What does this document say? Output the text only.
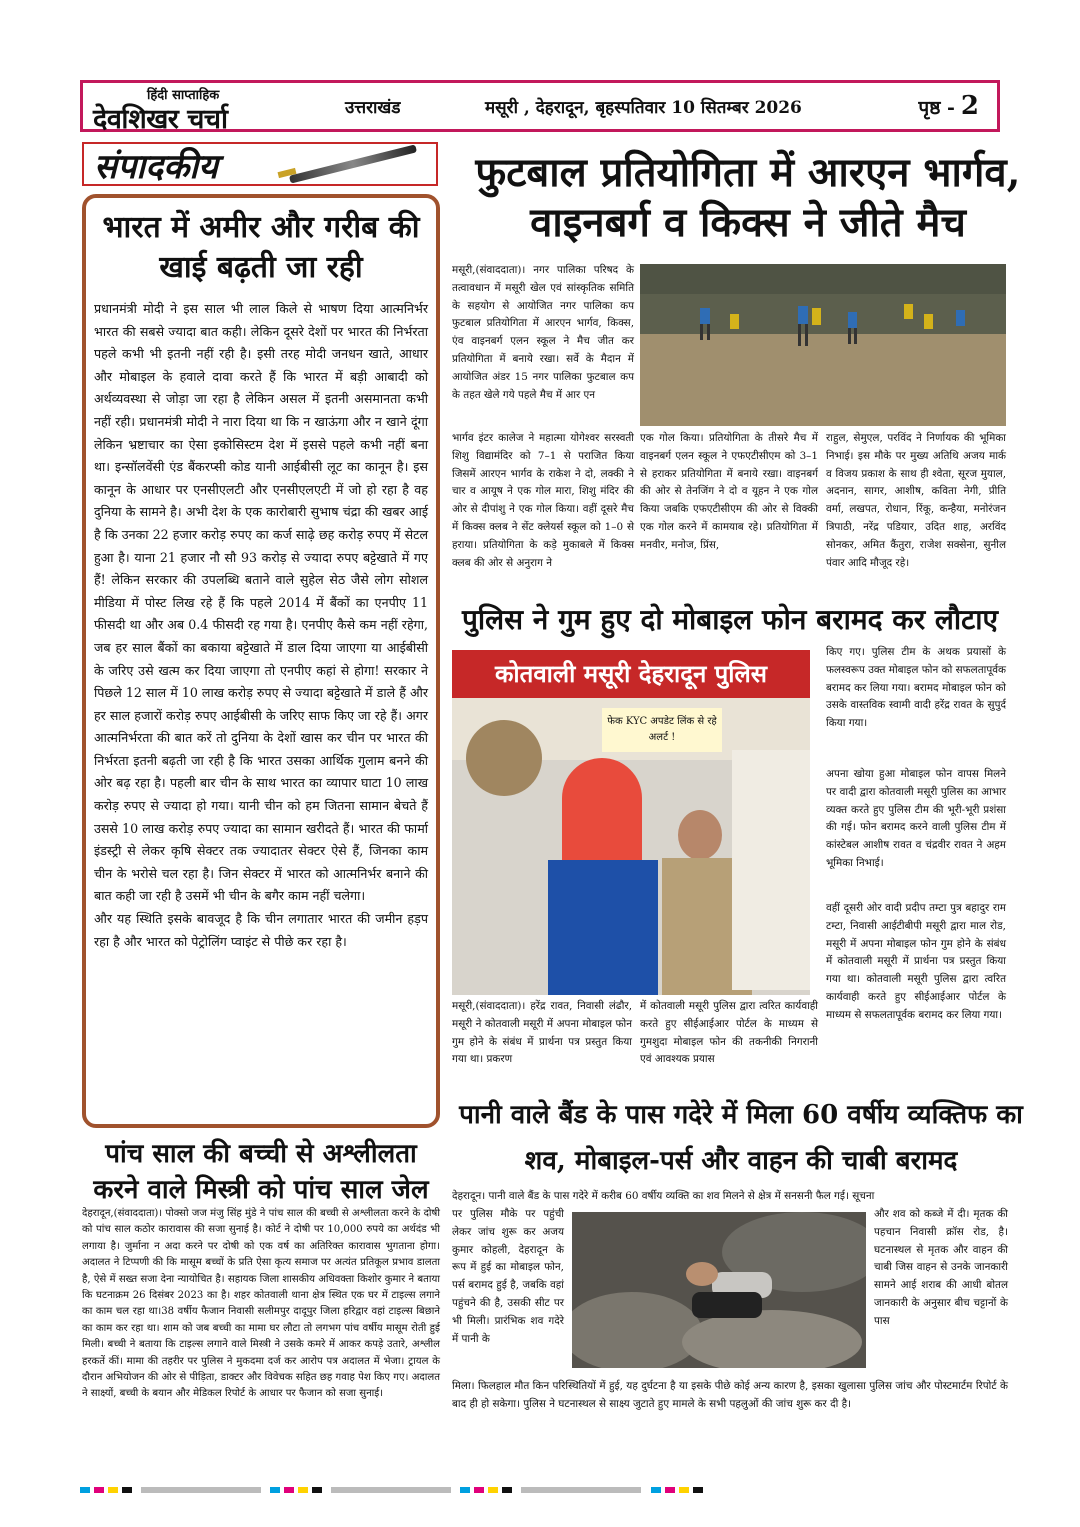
हिंदी साप्ताहिक
देवशिखर चर्चा	उत्तराखंड	मसूरी , देहरादून, बृहस्पतिवार 10 सितम्बर 2026	पृष्ठ - 2
संपादकीय
भारत में अमीर और गरीब की खाई बढ़ती जा रही

प्रधानमंत्री मोदी ने इस साल भी लाल किले से भाषण दिया आत्मनिर्भर भारत की सबसे ज्यादा बात कही। लेकिन दूसरे देशों पर भारत की निर्भरता पहले कभी भी इतनी नहीं रही है। इसी तरह मोदी जनधन खाते, आधार और मोबाइल के हवाले दावा करते हैं कि भारत में बड़ी आबादी को अर्थव्यवस्था से जोड़ा जा रहा है लेकिन असल में इतनी असमानता कभी नहीं रही। प्रधानमंत्री मोदी ने नारा दिया था कि न खाऊंगा और न खाने दूंगा लेकिन भ्रष्टाचार का ऐसा इकोसिस्टम देश में इससे पहले कभी नहीं बना था। इन्सॉलवेंसी एंड बैंकरप्सी कोड यानी आईबीसी लूट का कानून है। इस कानून के आधार पर एनसीएलटी और एनसीएलएटी में जो हो रहा है वह दुनिया के सामने है। अभी देश के एक कारोबारी सुभाष चंद्रा की खबर आई है कि उनका 22 हजार करोड़ रुपए का कर्ज साढ़े छह करोड़ रुपए में सेटल हुआ है। याना 21 हजार नौ सौ 93 करोड़ से ज्यादा रुपए बट्टेखाते में गए हैं! लेकिन सरकार की उपलब्धि बताने वाले सुहेल सेठ जैसे लोग सोशल मीडिया में पोस्ट लिख रहे हैं कि पहले 2014 में बैंकों का एनपीए 11 फीसदी था और अब 0.4 फीसदी रह गया है। एनपीए कैसे कम नहीं रहेगा, जब हर साल बैंकों का बकाया बट्टेखाते में डाल दिया जाएगा या आईबीसी के जरिए उसे खत्म कर दिया जाएगा तो एनपीए कहां से होगा! सरकार ने पिछले 12 साल में 10 लाख करोड़ रुपए से ज्यादा बट्टेखाते में डाले हैं और हर साल हजारों करोड़ रुपए आईबीसी के जरिए साफ किए जा रहे हैं। अगर आत्मनिर्भरता की बात करें तो दुनिया के देशों खास कर चीन पर भारत की निर्भरता इतनी बढ़ती जा रही है कि भारत उसका आर्थिक गुलाम बनने की ओर बढ़ रहा है। पहली बार चीन के साथ भारत का व्यापार घाटा 10 लाख करोड़ रुपए से ज्यादा हो गया। यानी चीन को हम जितना सामान बेचते हैं उससे 10 लाख करोड़ रुपए ज्यादा का सामान खरीदते हैं। भारत की फार्मा इंडस्ट्री से लेकर कृषि सेक्टर तक ज्यादातर सेक्टर ऐसे हैं, जिनका काम चीन के भरोसे चल रहा है। जिन सेक्टर में भारत को आत्मनिर्भर बनाने की बात कही जा रही है उसमें भी चीन के बगैर काम नहीं चलेगा।

और यह स्थिति इसके बावजूद है कि चीन लगातार भारत की जमीन हड़प रहा है और भारत को पेट्रोलिंग प्वाइंट से पीछे कर रहा है।

फुटबाल प्रतियोगिता में आरएन भार्गव, वाइनबर्ग व किक्स ने जीते मैच
मसूरी,(संवाददाता)। नगर पालिका परिषद के तत्वावधान में मसूरी खेल एवं सांस्कृतिक समिति के सहयोग से आयोजित नगर पालिका कप फुटबाल प्रतियोगिता में आरएन भार्गव, किक्स, एंव वाइनबर्ग एलन स्कूल ने मैच जीत कर प्रतियोगिता में बनाये रखा। सर्वे के मैदान में आयोजित अंडर 15 नगर पालिका फुटबाल कप के तहत खेले गये पहले मैच में आर एन
भार्गव इंटर कालेज ने महात्मा योगेश्वर सरस्वती शिशु विद्यामंदिर को 7–1 से पराजित किया जिसमें आरएन भार्गव के राकेश ने दो, लक्की ने चार व आयूष ने एक गोल मारा, शिशु मंदिर की ओर से दीपांशु ने एक गोल किया। वहीं दूसरे मैच में किक्स क्लब ने सेंट क्लेयर्स स्कूल को 1–0 से हराया। प्रतियोगिता के कड़े मुकाबले में किक्स क्लब की ओर से अनुराग ने
एक गोल किया। प्रतियोगिता के तीसरे मैच में वाइनबर्ग एलन स्कूल ने एफएटीसीएम को 3–1 से हराकर प्रतियोगिता में बनाये रखा। वाइनबर्ग की ओर से तेनजिंग ने दो व यूहन ने एक गोल किया जबकि एफएटीसीएम की ओर से विक्की एक गोल करने में कामयाब रहे। प्रतियोगिता में मनवीर, मनोज, प्रिंस,
राहुल, सेमुएल, परविंद ने निर्णायक की भूमिका निभाई। इस मौके पर मुख्य अतिथि अजय मार्क व विजय प्रकाश के साथ ही श्वेता, सूरज मुयाल, अदनान, सागर, आशीष, कविता नेगी, प्रीति वर्मा, लखपत, रोधान, रिंकू, कन्हैया, मनोरंजन त्रिपाठी, नरेंद्र पडियार, उदित शाह, अरविंद सोनकर, अमित कैंतुरा, राजेश सक्सेना, सुनील पंवार आदि मौजूद रहे।
पुलिस ने गुम हुए दो मोबाइल फोन बरामद कर लौटाए
कोतवाली मसूरी देहरादून पुलिस
फेक KYC अपडेट लिंक से रहे अलर्ट !
किए गए। पुलिस टीम के अथक प्रयासों के फलस्वरूप उक्त मोबाइल फोन को सफलतापूर्वक बरामद कर लिया गया। बरामद मोबाइल फोन को उसके वास्तविक स्वामी वादी हरेंद्र रावत के सुपुर्द किया गया।
अपना खोया हुआ मोबाइल फोन वापस मिलने पर वादी द्वारा कोतवाली मसूरी पुलिस का आभार व्यक्त करते हुए पुलिस टीम की भूरी-भूरी प्रशंसा की गई। फोन बरामद करने वाली पुलिस टीम में कांस्टेबल आशीष रावत व चंद्रवीर रावत ने अहम भूमिका निभाई।
वहीं दूसरी ओर वादी प्रदीप तम्टा पुत्र बहादुर राम टम्टा, निवासी आईटीबीपी मसूरी द्वारा माल रोड, मसूरी में अपना मोबाइल फोन गुम होने के संबंध में कोतवाली मसूरी में प्रार्थना पत्र प्रस्तुत किया गया था। कोतवाली मसूरी पुलिस द्वारा त्वरित कार्यवाही करते हुए सीईआईआर पोर्टल के माध्यम से सफलतापूर्वक बरामद कर लिया गया।
मसूरी,(संवाददाता)। हरेंद्र रावत, निवासी लंढौर, मसूरी ने कोतवाली मसूरी में अपना मोबाइल फोन गुम होने के संबंध में प्रार्थना पत्र प्रस्तुत किया गया था। प्रकरण
में कोतवाली मसूरी पुलिस द्वारा त्वरित कार्यवाही करते हुए सीईआईआर पोर्टल के माध्यम से गुमशुदा मोबाइल फोन की तकनीकी निगरानी एवं आवश्यक प्रयास
पानी वाले बैंड के पास गदेरे में मिला 60 वर्षीय व्यक्तिफ का शव, मोबाइल-पर्स और वाहन की चाबी बरामद
देहरादून। पानी वाले बैंड के पास गदेरे में करीब 60 वर्षीय व्यक्ति का शव मिलने से क्षेत्र में सनसनी फैल गई। सूचना
पर पुलिस मौके पर पहुंची लेकर जांच शुरू कर अजय कुमार कोहली, देहरादून के रूप में हुई का मोबाइल फोन, पर्स बरामद हुई है, जबकि वहां पहुंचने की है, उसकी सीट पर भी मिली। प्रारंभिक शव गदेरे में पानी के
और शव को कब्जे में दी। मृतक की पहचान निवासी क्रॉस रोड, है। घटनास्थल से मृतक और वाहन की चाबी जिस वाहन से उनके जानकारी सामने आई शराब की आधी बोतल जानकारी के अनुसार बीच चट्टानों के पास
मिला। फिलहाल मौत किन परिस्थितियों में हुई, यह दुर्घटना है या इसके पीछे कोई अन्य कारण है, इसका खुलासा पुलिस जांच और पोस्टमार्टम रिपोर्ट के बाद ही हो सकेगा। पुलिस ने घटनास्थल से साक्ष्य जुटाते हुए मामले के सभी पहलुओं की जांच शुरू कर दी है।
पांच साल की बच्ची से अश्लीलता करने वाले मिस्त्री को पांच साल जेल
देहरादून,(संवाददाता)। पोक्सो जज मंजु सिंह मुंडे ने पांच साल की बच्ची से अश्लीलता करने के दोषी को पांच साल कठोर कारावास की सजा सुनाई है। कोर्ट ने दोषी पर 10,000 रुपये का अर्थदंड भी लगाया है। जुर्माना न अदा करने पर दोषी को एक वर्ष का अतिरिक्त कारावास भुगताना होगा। अदालत ने टिप्पणी की कि मासूम बच्चों के प्रति ऐसा कृत्य समाज पर अत्यंत प्रतिकूल प्रभाव डालता है, ऐसे में सख्त सजा देना न्यायोचित है। सहायक जिला शासकीय अधिवक्ता किशोर कुमार ने बताया कि घटनाक्रम 26 दिसंबर 2023 का है। शहर कोतवाली थाना क्षेत्र स्थित एक घर में टाइल्स लगाने का काम चल रहा था।38 वर्षीय फैजान निवासी सलीमपुर दादूपुर जिला हरिद्वार वहां टाइल्स बिछाने का काम कर रहा था। शाम को जब बच्ची का मामा घर लौटा तो लगभग पांच वर्षीय मासूम रोती हुई मिली। बच्ची ने बताया कि टाइल्स लगाने वाले मिस्त्री ने उसके कमरे में आकर कपड़े उतारे, अश्लील हरकतें कीं। मामा की तहरीर पर पुलिस ने मुकदमा दर्ज कर आरोप पत्र अदालत में भेजा। ट्रायल के दौरान अभियोजन की ओर से पीड़िता, डाक्टर और विवेचक सहित छह गवाह पेश किए गए। अदालत ने साक्ष्यों, बच्ची के बयान और मेडिकल रिपोर्ट के आधार पर फैजान को सजा सुनाई।
